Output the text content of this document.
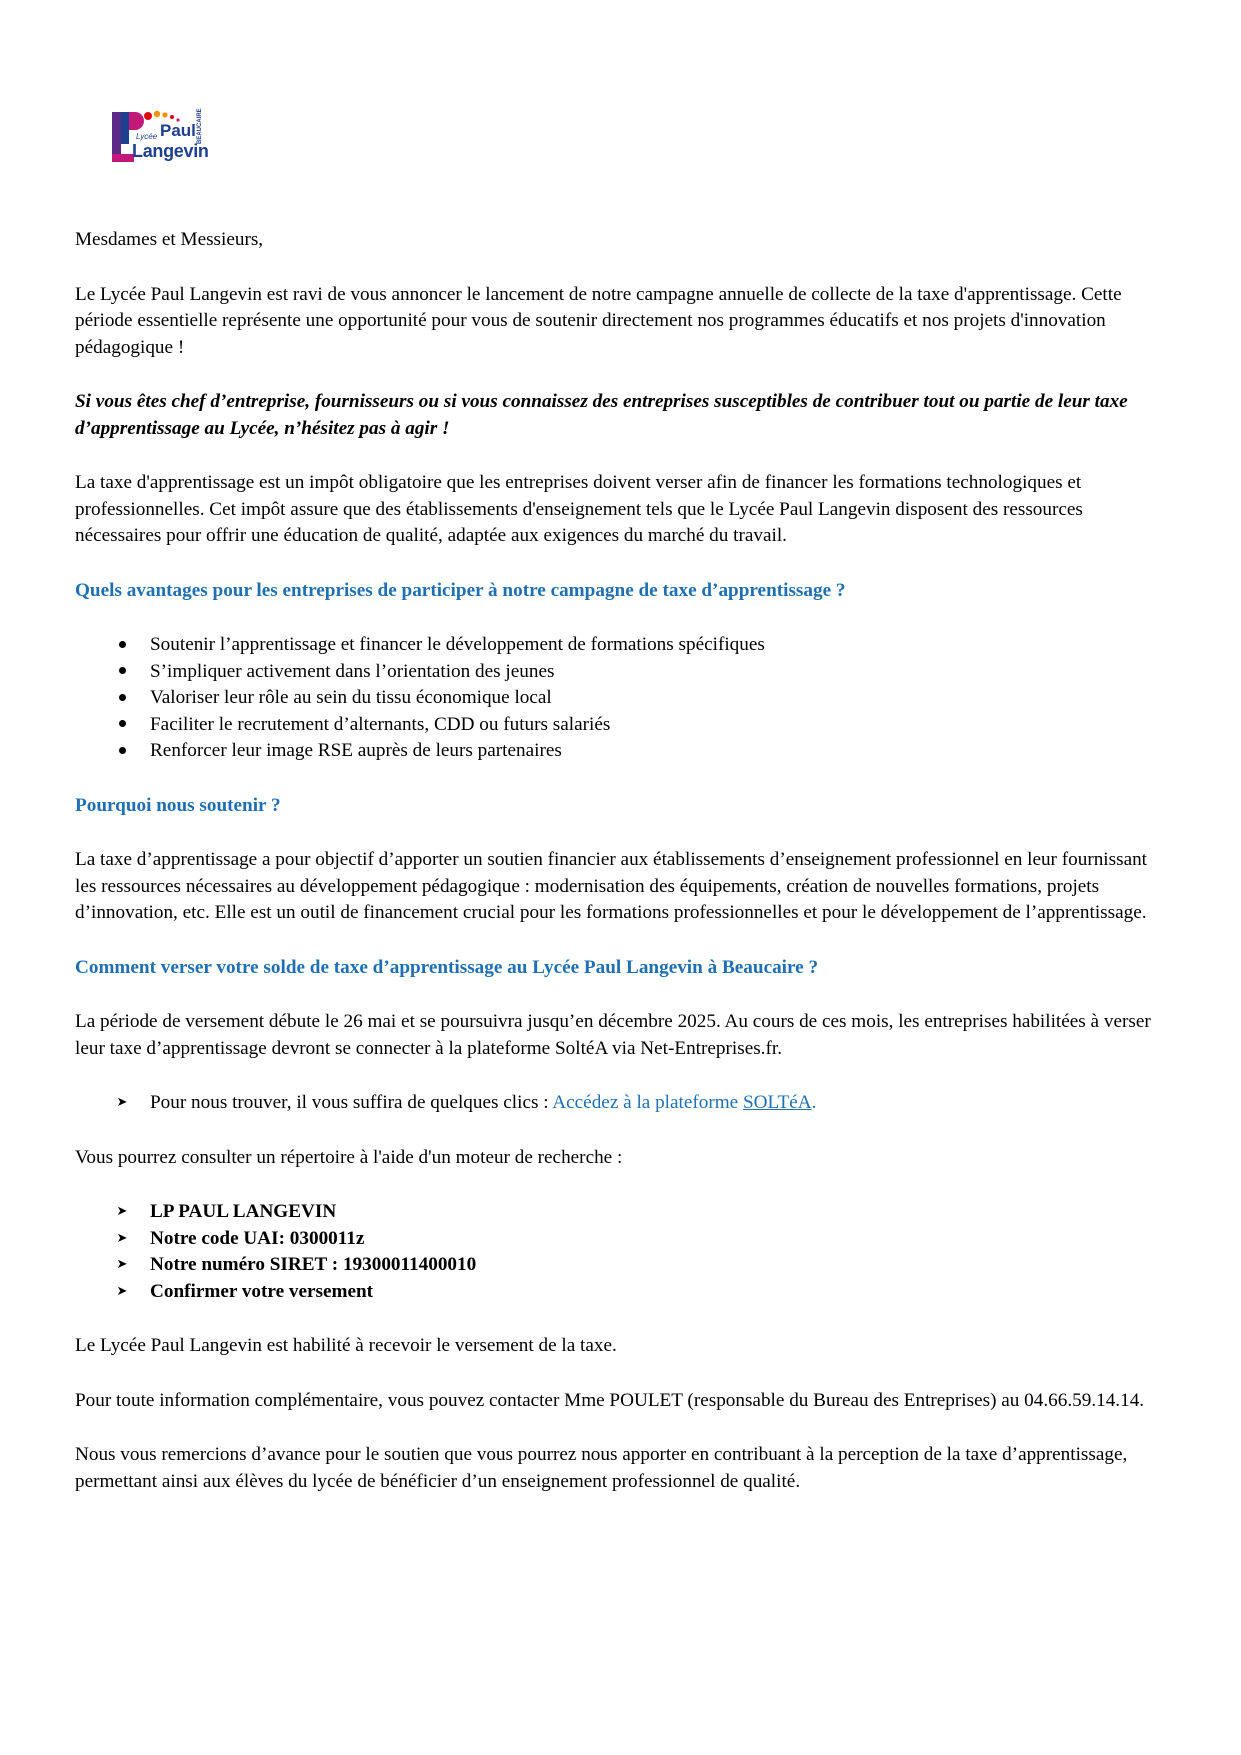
Lycée Paul
Langevin
BEAUCAIRE

Mesdames et Messieurs,

Le Lycée Paul Langevin est ravi de vous annoncer le lancement de notre campagne annuelle de collecte de la taxe d'apprentissage. Cette période essentielle représente une opportunité pour vous de soutenir directement nos programmes éducatifs et nos projets d'innovation pédagogique !

Si vous êtes chef d’entreprise, fournisseurs ou si vous connaissez des entreprises susceptibles de contribuer tout ou partie de leur taxe d’apprentissage au Lycée, n’hésitez pas à agir !

La taxe d'apprentissage est un impôt obligatoire que les entreprises doivent verser afin de financer les formations technologiques et professionnelles. Cet impôt assure que des établissements d'enseignement tels que le Lycée Paul Langevin disposent des ressources nécessaires pour offrir une éducation de qualité, adaptée aux exigences du marché du travail.

Quels avantages pour les entreprises de participer à notre campagne de taxe d’apprentissage ?
Soutenir l’apprentissage et financer le développement de formations spécifiques
S’impliquer activement dans l’orientation des jeunes
Valoriser leur rôle au sein du tissu économique local
Faciliter le recrutement d’alternants, CDD ou futurs salariés
Renforcer leur image RSE auprès de leurs partenaires
Pourquoi nous soutenir ?

La taxe d’apprentissage a pour objectif d’apporter un soutien financier aux établissements d’enseignement professionnel en leur fournissant les ressources nécessaires au développement pédagogique : modernisation des équipements, création de nouvelles formations, projets d’innovation, etc. Elle est un outil de financement crucial pour les formations professionnelles et pour le développement de l’apprentissage.

Comment verser votre solde de taxe d’apprentissage au Lycée Paul Langevin à Beaucaire ?

La période de versement débute le 26 mai et se poursuivra jusqu’en décembre 2025. Au cours de ces mois, les entreprises habilitées à verser leur taxe d’apprentissage devront se connecter à la plateforme SoltéA via Net-Entreprises.fr.

➤ Pour nous trouver, il vous suffira de quelques clics : Accédez à la plateforme SOLTéA.

Vous pourrez consulter un répertoire à l'aide d'un moteur de recherche :

➤ LP PAUL LANGEVIN
➤ Notre code UAI: 0300011z
➤ Notre numéro SIRET : 19300011400010
➤ Confirmer votre versement

Le Lycée Paul Langevin est habilité à recevoir le versement de la taxe.

Pour toute information complémentaire, vous pouvez contacter Mme POULET (responsable du Bureau des Entreprises) au 04.66.59.14.14.

Nous vous remercions d’avance pour le soutien que vous pourrez nous apporter en contribuant à la perception de la taxe d’apprentissage, permettant ainsi aux élèves du lycée de bénéficier d’un enseignement professionnel de qualité.
